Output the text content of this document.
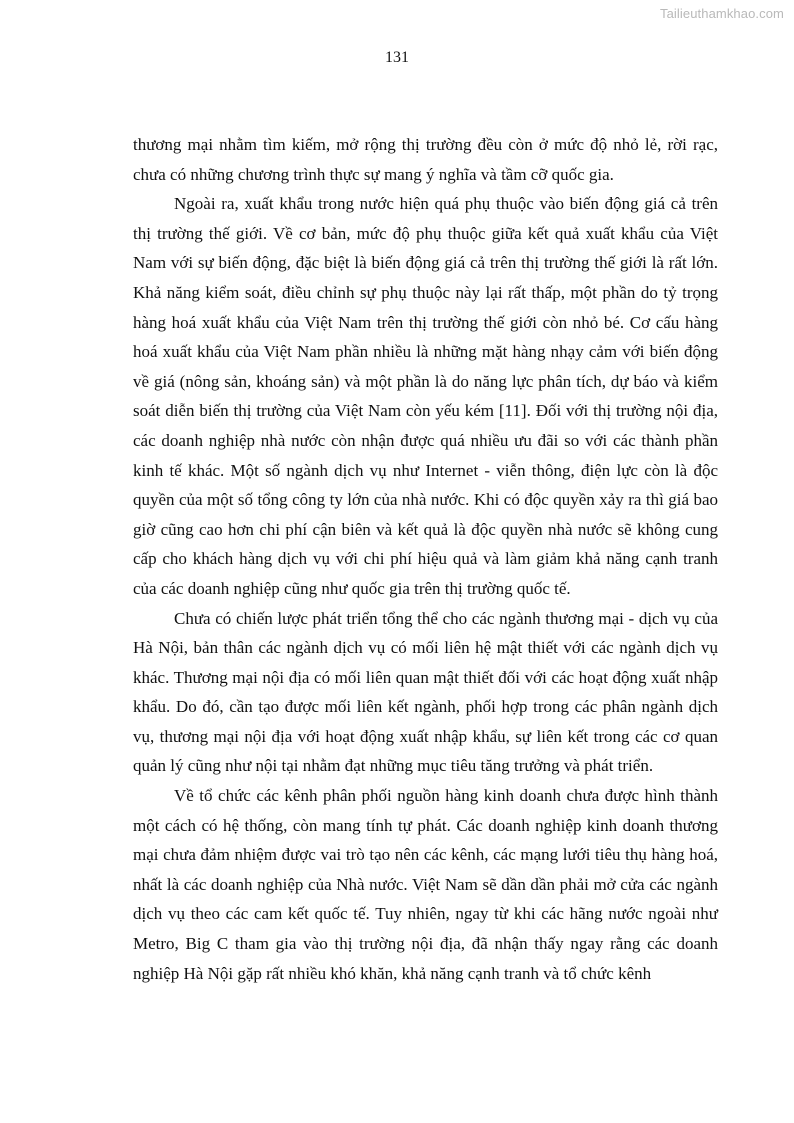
Tailieuthamkhao.com
131

thương mại nhằm tìm kiếm, mở rộng thị trường đều còn ở mức độ nhỏ lẻ, rời rạc, chưa có những chương trình thực sự mang ý nghĩa và tầm cỡ quốc gia.

Ngoài ra, xuất khẩu trong nước hiện quá phụ thuộc vào biến động giá cả trên thị trường thế giới. Về cơ bản, mức độ phụ thuộc giữa kết quả xuất khẩu của Việt Nam với sự biến động, đặc biệt là biến động giá cả trên thị trường thế giới là rất lớn. Khả năng kiểm soát, điều chỉnh sự phụ thuộc này lại rất thấp, một phần do tỷ trọng hàng hoá xuất khẩu của Việt Nam trên thị trường thế giới còn nhỏ bé. Cơ cấu hàng hoá xuất khẩu của Việt Nam phần nhiều là những mặt hàng nhạy cảm với biến động về giá (nông sản, khoáng sản) và một phần là do năng lực phân tích, dự báo và kiểm soát diễn biến thị trường của Việt Nam còn yếu kém [11]. Đối với thị trường nội địa, các doanh nghiệp nhà nước còn nhận được quá nhiều ưu đãi so với các thành phần kinh tế khác. Một số ngành dịch vụ như Internet - viễn thông, điện lực còn là độc quyền của một số tổng công ty lớn của nhà nước. Khi có độc quyền xảy ra thì giá bao giờ cũng cao hơn chi phí cận biên và kết quả là độc quyền nhà nước sẽ không cung cấp cho khách hàng dịch vụ với chi phí hiệu quả và làm giảm khả năng cạnh tranh của các doanh nghiệp cũng như quốc gia trên thị trường quốc tế.

Chưa có chiến lược phát triển tổng thể cho các ngành thương mại - dịch vụ của Hà Nội, bản thân các ngành dịch vụ có mối liên hệ mật thiết với các ngành dịch vụ khác. Thương mại nội địa có mối liên quan mật thiết đối với các hoạt động xuất nhập khẩu. Do đó, cần tạo được mối liên kết ngành, phối hợp trong các phân ngành dịch vụ, thương mại nội địa với hoạt động xuất nhập khẩu, sự liên kết trong các cơ quan quản lý cũng như nội tại nhằm đạt những mục tiêu tăng trưởng và phát triển.

Về tổ chức các kênh phân phối nguồn hàng kinh doanh chưa được hình thành một cách có hệ thống, còn mang tính tự phát. Các doanh nghiệp kinh doanh thương mại chưa đảm nhiệm được vai trò tạo nên các kênh, các mạng lưới tiêu thụ hàng hoá, nhất là các doanh nghiệp của Nhà nước. Việt Nam sẽ dần dần phải mở cửa các ngành dịch vụ theo các cam kết quốc tế. Tuy nhiên, ngay từ khi các hãng nước ngoài như Metro, Big C tham gia vào thị trường nội địa, đã nhận thấy ngay rằng các doanh nghiệp Hà Nội gặp rất nhiều khó khăn, khả năng cạnh tranh và tổ chức kênh
